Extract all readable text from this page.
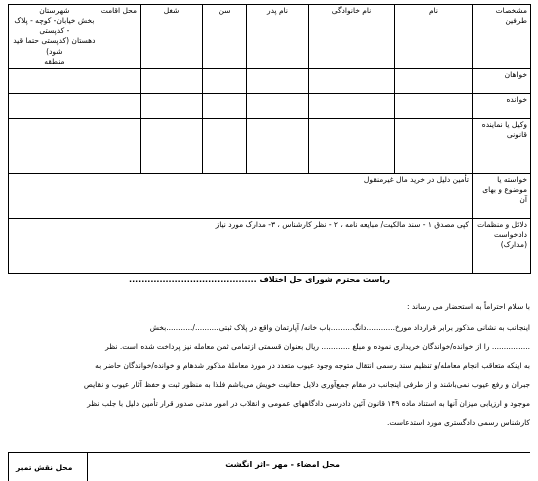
مشخصات طرفین	نام	نام خانوادگی	نام پدر	سن	شغل	محل اقامت
شهرستان
بخش خیابان- کوچه - پلاک - کدپستی
دهستان (کدپستی حتما قید شود)
منطقه

خواهان						
خوانده						
وکیل یا نماینده قانونی						
خواسته یا موضوع و بهای آن	تأمین دلیل در خرید مال غیرمنقول					
دلائل و منظمات دادخواست (مدارک)	کپی مصدق ۱ - سند مالکیت/ مبایعه نامه ، ۲ - نظر کارشناس ، ۳- مدارک مورد نیاز					
ریاست محترم شورای حل اختلاف ..........................................
با سلام احتراماً به استحضار می رساند :
اینجانب به نشانی مذکور برابر قرارداد مورخ............دانگ.........باب خانه/ آپارتمان واقع در پلاک ثبتی........../...........بخش
................ را از خوانده/خواندگان خریداری نموده و مبلغ ............ ریال بعنوان قسمتی ازتمامی ثمن معامله نیز پرداخت شده است. نظر
به اینکه متعاقب انجام معامله/و تنظیم سند رسمی انتقال متوجه وجود عیوب متعدد در مورد معاملهٔ مذکور شدهام و خوانده/خواندگان حاضر به
جبران و رفع عیوب نمی‌باشند و از طرفی اینجانب در مقام جمع‌آوری دلایل حقانیت خویش می‌باشم فلذا به منظور ثبت و حفظ آثار عیوب و نقایص
موجود و ارزیابی میزان آنها به استناد ماده ۱۴۹ قانون آئین دادرسی دادگاههای عمومی و انقلاب در امور مدنی صدور قرار تأمین دلیل با جلب نظر
کارشناس رسمی دادگستری مورد استدعاست.
محل امضاء - مهر –اثر انگشت
محل نقش تمبر
